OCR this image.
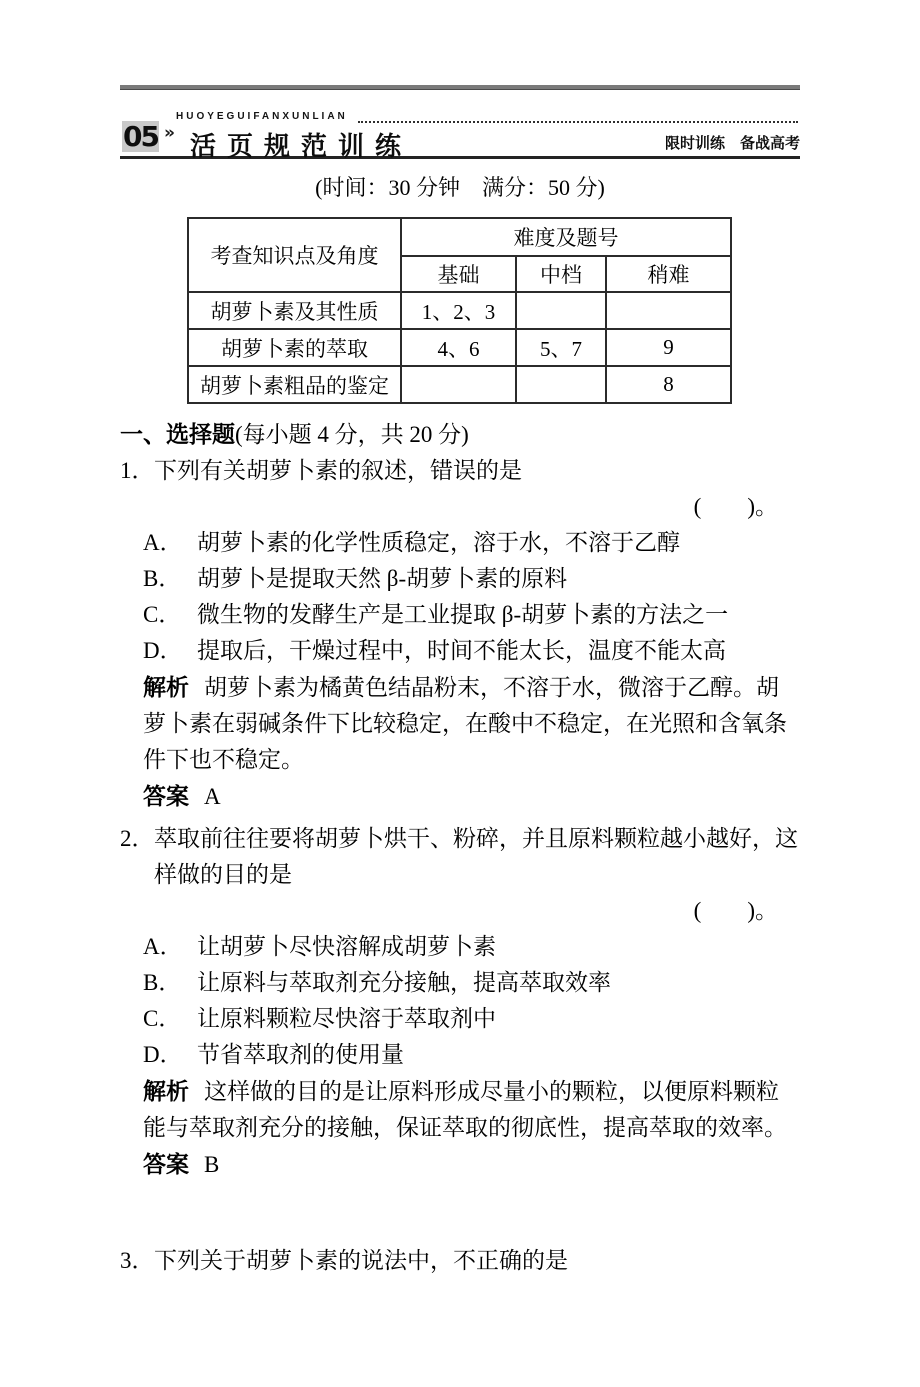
05 »
HUOYEGUIFANXUNLIAN
活页规范训练	限时训练　备战高考

(时间：30 分钟　满分：50 分)

考查知识点及角度	难度及题号		
	基础	中档	稍难
胡萝卜素及其性质	1、2、3		
胡萝卜素的萃取	4、6	5、7	9
胡萝卜素粗品的鉴定			8
一、选择题(每小题 4 分，共 20 分)
1． 下列有关胡萝卜素的叙述，错误的是
(　　)。
A． 胡萝卜素的化学性质稳定，溶于水，不溶于乙醇
B． 胡萝卜是提取天然 β-胡萝卜素的原料
C． 微生物的发酵生产是工业提取 β-胡萝卜素的方法之一
D． 提取后，干燥过程中，时间不能太长，温度不能太高

解析 胡萝卜素为橘黄色结晶粉末，不溶于水，微溶于乙醇。胡萝卜素在弱碱条件下比较稳定，在酸中不稳定，在光照和含氧条件下也不稳定。

答案 A
2． 萃取前往往要将胡萝卜烘干、粉碎，并且原料颗粒越小越好，这样做的目的是
(　　)。
A． 让胡萝卜尽快溶解成胡萝卜素
B． 让原料与萃取剂充分接触，提高萃取效率
C． 让原料颗粒尽快溶于萃取剂中
D． 节省萃取剂的使用量

解析 这样做的目的是让原料形成尽量小的颗粒，以便原料颗粒能与萃取剂充分的接触，保证萃取的彻底性，提高萃取的效率。

答案 B
3． 下列关于胡萝卜素的说法中，不正确的是
